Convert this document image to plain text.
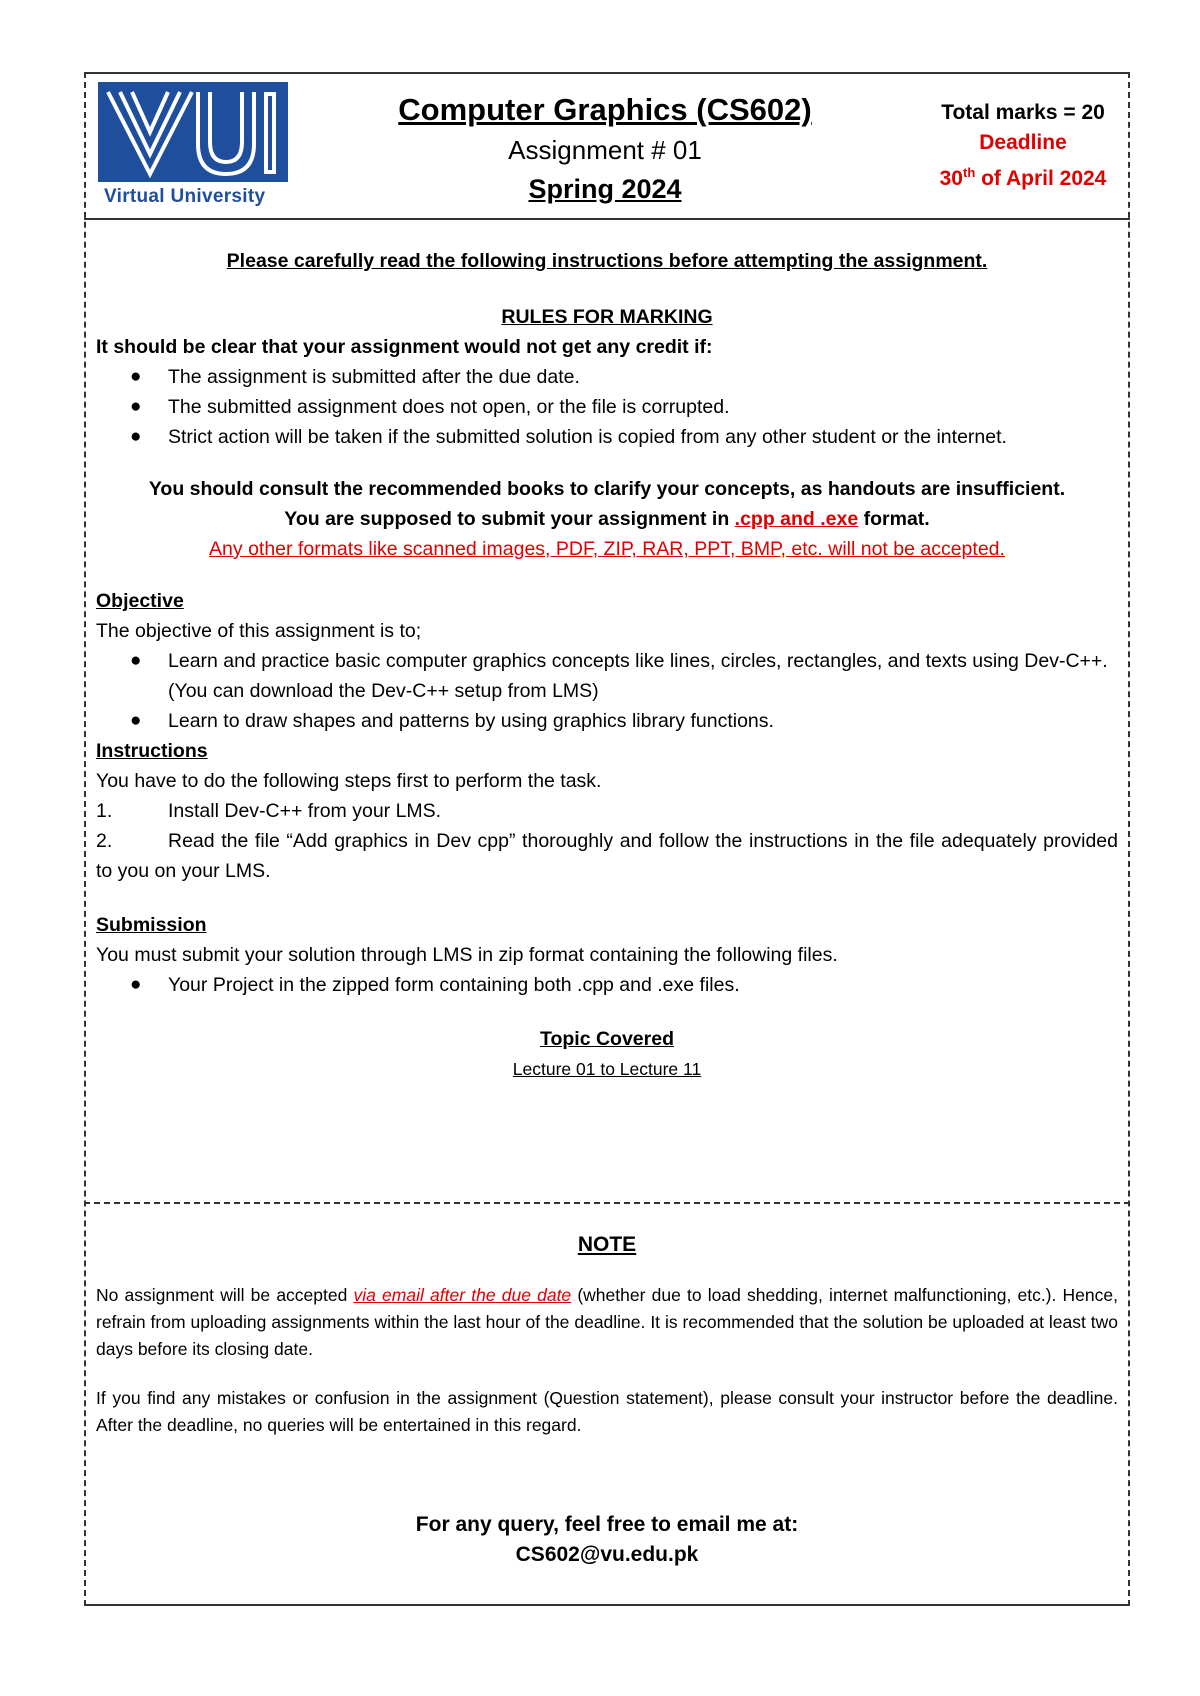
Virtual University
Computer Graphics (CS602)
Assignment # 01
Spring 2024
Total marks = 20
Deadline
30th of April 2024
Please carefully read the following instructions before attempting the assignment.
RULES FOR MARKING
It should be clear that your assignment would not get any credit if:
● The assignment is submitted after the due date.
● The submitted assignment does not open, or the file is corrupted.
● Strict action will be taken if the submitted solution is copied from any other student or the internet.
You should consult the recommended books to clarify your concepts, as handouts are insufficient.
You are supposed to submit your assignment in .cpp and .exe format.
Any other formats like scanned images, PDF, ZIP, RAR, PPT, BMP, etc. will not be accepted.
Objective
The objective of this assignment is to;
● Learn and practice basic computer graphics concepts like lines, circles, rectangles, and texts using Dev-C++. (You can download the Dev-C++ setup from LMS)
● Learn to draw shapes and patterns by using graphics library functions.
Instructions
You have to do the following steps first to perform the task.
1.	Install Dev-C++ from your LMS.
2.	Read the file “Add graphics in Dev cpp” thoroughly and follow the instructions in the file adequately provided to you on your LMS.
Submission
You must submit your solution through LMS in zip format containing the following files.
● Your Project in the zipped form containing both .cpp and .exe files.
Topic Covered
Lecture 01 to Lecture 11
NOTE

No assignment will be accepted via email after the due date (whether due to load shedding, internet malfunctioning, etc.). Hence, refrain from uploading assignments within the last hour of the deadline. It is recommended that the solution be uploaded at least two days before its closing date.

If you find any mistakes or confusion in the assignment (Question statement), please consult your instructor before the deadline. After the deadline, no queries will be entertained in this regard.

For any query, feel free to email me at:
CS602@vu.edu.pk
